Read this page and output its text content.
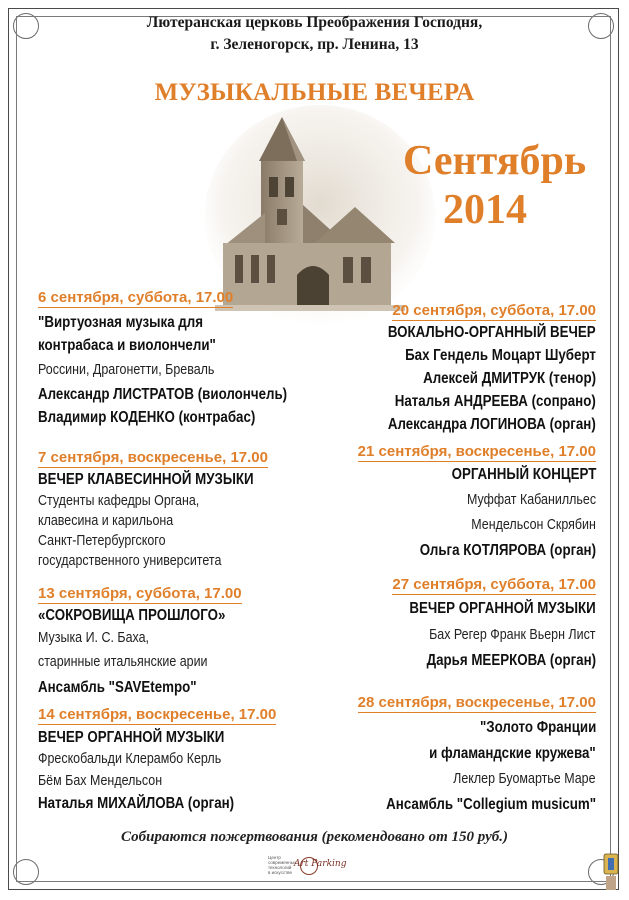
Лютеранская церковь Преображения Господня,
г. Зеленогорск, пр. Ленина, 13
МУЗЫКАЛЬНЫЕ ВЕЧЕРА
Сентябрь
2014
6 сентября, суббота, 17.00
"Виртуозная музыка для
контрабаса и виолончели"
Россини, Драгонетти, Бреваль
Александр ЛИСТРАТОВ (виолончель)
Владимир КОДЕНКО (контрабас)
7 сентября, воскресенье, 17.00
ВЕЧЕР КЛАВЕСИННОЙ МУЗЫКИ
Студенты кафедры Органа,
клавесина и карильона
Санкт-Петербургского
государственного университета
13 сентября, суббота, 17.00
«СОКРОВИЩА ПРОШЛОГО»
Музыка И. С. Баха,
старинные итальянские арии
Ансамбль "SAVEtempo"
14 сентября, воскресенье, 17.00
ВЕЧЕР ОРГАННОЙ МУЗЫКИ
Фрескобальди Клерамбо Керль
Бём Бах Мендельсон
Наталья МИХАЙЛОВА (орган)
20 сентября, суббота, 17.00
ВОКАЛЬНО-ОРГАННЫЙ ВЕЧЕР
Бах Гендель Моцарт Шуберт
Алексей ДМИТРУК (тенор)
Наталья АНДРЕЕВА (сопрано)
Александра ЛОГИНОВА (орган)
21 сентября, воскресенье, 17.00
ОРГАННЫЙ КОНЦЕРТ
Муффат Кабанилльес
Мендельсон Скрябин
Ольга КОТЛЯРОВА (орган)
27 сентября, суббота, 17.00
ВЕЧЕР ОРГАННОЙ МУЗЫКИ
Бах Регер Франк Вьерн Лист
Дарья МЕЕРКОВА (орган)
28 сентября, воскресенье, 17.00
"Золото Франции
и фламандские кружева"
Леклер Буомартье Маре
Ансамбль "Collegium musicum"
Собираются пожертвования (рекомендовано от 150 руб.)
Центр
современных
технологий
в искусстве
Art Parking
